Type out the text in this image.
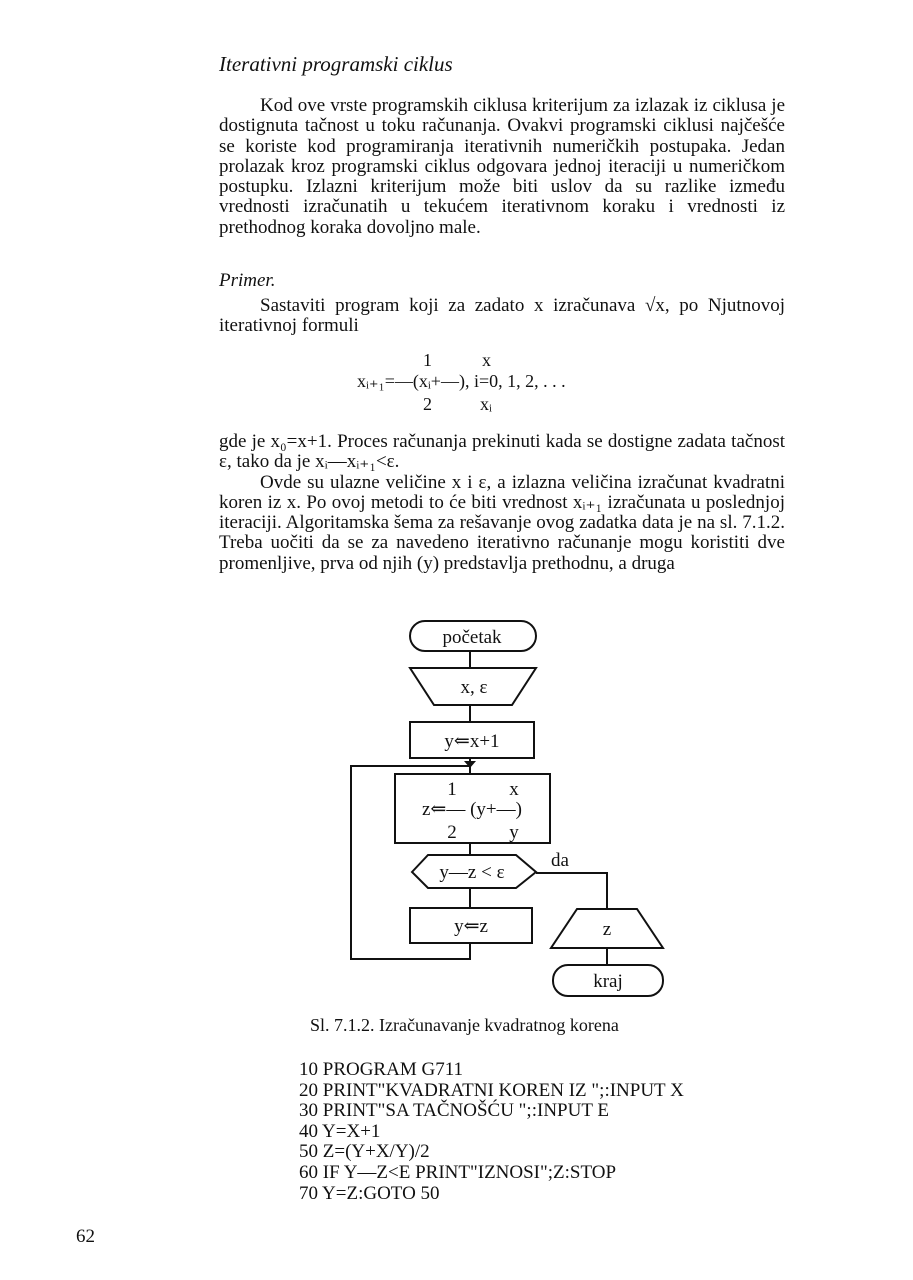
Iterativni programski ciklus

Kod ove vrste programskih ciklusa kriterijum za izlazak iz ciklusa je dostignuta tačnost u toku računanja. Ovakvi programski ciklusi najčešće se koriste kod programiranja iterativnih numeričkih postupaka. Jedan prolazak kroz programski ciklus odgovara jednoj iteraciji u numeričkom postupku. Izlazni kriterijum može biti uslov da su razlike između vrednosti izračunatih u tekućem iterativnom koraku i vrednosti iz prethodnog koraka dovoljno male.

Primer.

Sastaviti program koji za zadato x izračunava √x, po Njutnovoj iterativnoj formuli

1	x
xᵢ₊₁=—(xᵢ+—), i=0, 1, 2, . . .
2	xᵢ

gde je x₀=x+1. Proces računanja prekinuti kada se dostigne zadata tačnost ε, tako da je xᵢ—xᵢ₊₁<ε.

Ovde su ulazne veličine x i ε, a izlazna veličina izračunat kvadratni koren iz x. Po ovoj metodi to će biti vrednost xᵢ₊₁ izračunata u poslednjoj iteraciji. Algoritamska šema za rešavanje ovog zadatka data je na sl. 7.1.2. Treba uočiti da se za navedeno iterativno računanje mogu koristiti dve promenljive, prva od njih (y) predstavlja prethodnu, a druga

početak
x, ε
y⇐x+1
1	x
z⇐— (y+—)
2	y
y—z < ε
da
y⇐z	z
kraj
Sl. 7.1.2. Izračunavanje kvadratnog korena
10 PROGRAM G711
20 PRINT"KVADRATNI KOREN IZ ";:INPUT X
30 PRINT"SA TAČNOŠĆU ";:INPUT E
40 Y=X+1
50 Z=(Y+X/Y)/2
60 IF Y—Z<E PRINT"IZNOSI";Z:STOP
70 Y=Z:GOTO 50
62
